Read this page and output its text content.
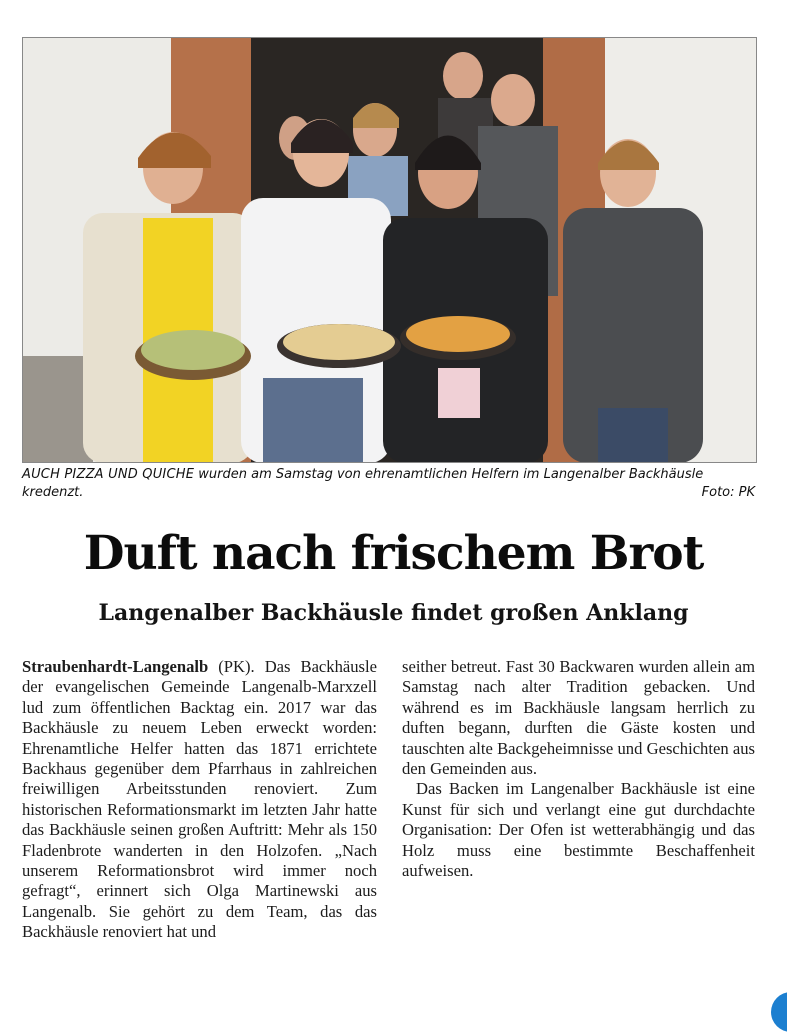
AUCH PIZZA UND QUICHE wurden am Samstag von ehrenamtlichen Helfern im Langenalber Backhäusle kredenzt.	Foto: PK
Duft nach frischem Brot
Langenalber Backhäusle findet großen Anklang

Straubenhardt-Langenalb (PK). Das Backhäusle der evangelischen Gemeinde Langenalb-Marxzell lud zum öffentlichen Backtag ein. 2017 war das Backhäusle zu neuem Leben erweckt worden: Ehrenamtliche Helfer hatten das 1871 errichtete Backhaus gegenüber dem Pfarrhaus in zahlreichen freiwilligen Arbeitsstunden renoviert. Zum historischen Reformationsmarkt im letzten Jahr hatte das Backhäusle seinen großen Auftritt: Mehr als 150 Fladenbrote wanderten in den Holzofen. „Nach unserem Reformationsbrot wird immer noch gefragt“, erinnert sich Olga Martinewski aus Langenalb. Sie gehört zu dem Team, das das Backhäusle renoviert hat und

seither betreut. Fast 30 Backwaren wurden allein am Samstag nach alter Tradition gebacken. Und während es im Backhäusle langsam herrlich zu duften begann, durften die Gäste kosten und tauschten alte Backgeheimnisse und Geschichten aus den Gemeinden aus.

Das Backen im Langenalber Backhäusle ist eine Kunst für sich und verlangt eine gut durchdachte Organisation: Der Ofen ist wetterabhängig und das Holz muss eine bestimmte Beschaffenheit aufweisen.
